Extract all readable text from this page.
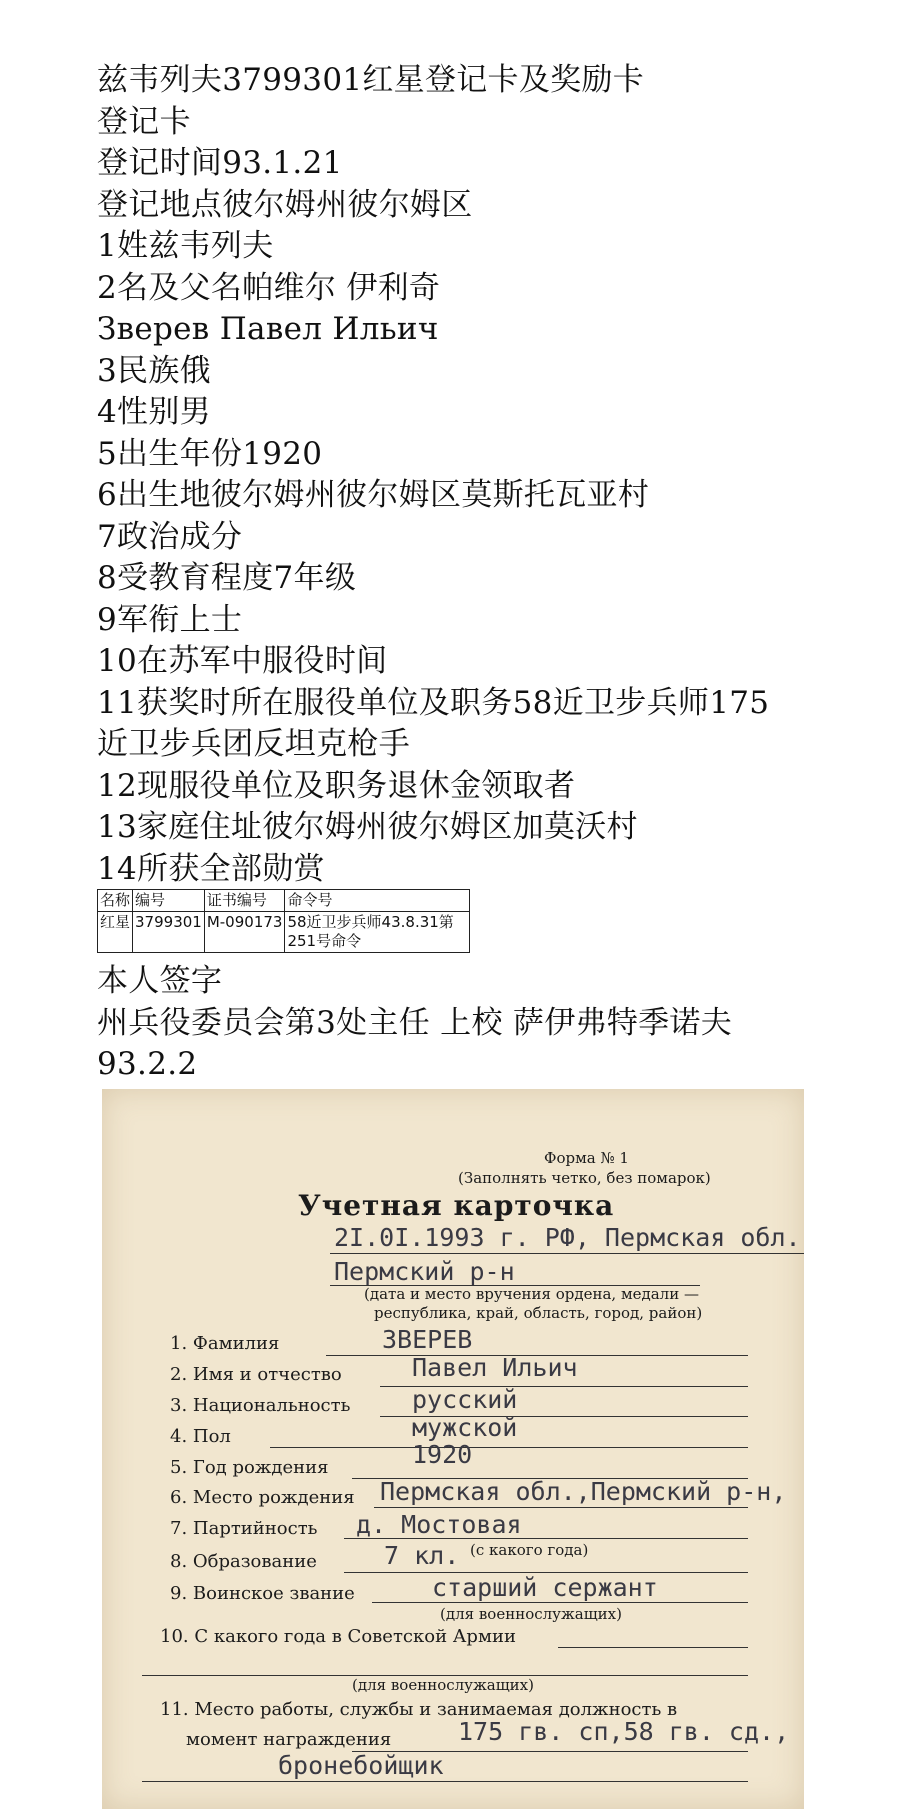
兹韦列夫3799301红星登记卡及奖励卡
登记卡
登记时间93.1.21
登记地点彼尔姆州彼尔姆区
1姓兹韦列夫
2名及父名帕维尔 伊利奇
Зверев Павел Ильич
3民族俄
4性别男
5出生年份1920
6出生地彼尔姆州彼尔姆区莫斯托瓦亚村
7政治成分
8受教育程度7年级
9军衔上士
10在苏军中服役时间
11获奖时所在服役单位及职务58近卫步兵师175
近卫步兵团反坦克枪手
12现服役单位及职务退休金领取者
13家庭住址彼尔姆州彼尔姆区加莫沃村
14所获全部勋赏
名称	编号	证书编号	命令号
红星	3799301	M-090173	58近卫步兵师43.8.31第251号命令
本人签字
州兵役委员会第3处主任 上校 萨伊弗特季诺夫
93.2.2
Форма № 1
(Заполнять четко, без помарок)
Учетная карточка
2I.0I.1993 г. РФ, Пермская обл.
Пермский р-н
(дата и место вручения ордена, медали —
республика, край, область, город, район)
1. Фамилия	ЗВЕРЕВ
2. Имя и отчество	Павел Ильич
3. Национальность русский
4. Пол	мужской
5. Год рождения	1920
6. Место рождения Пермская обл.,Пермский р-н,
7. Партийность д. Мостовая
8. Образование	7 кл. (с какого года)
9. Воинское звание	старший сержант
(для военнослужащих)
10. С какого года в Советской Армии
(для военнослужащих)
11. Место работы, службы и занимаемая должность в
момент награждения	175 гв. сп,58 гв. сд.,
бронебойщик
